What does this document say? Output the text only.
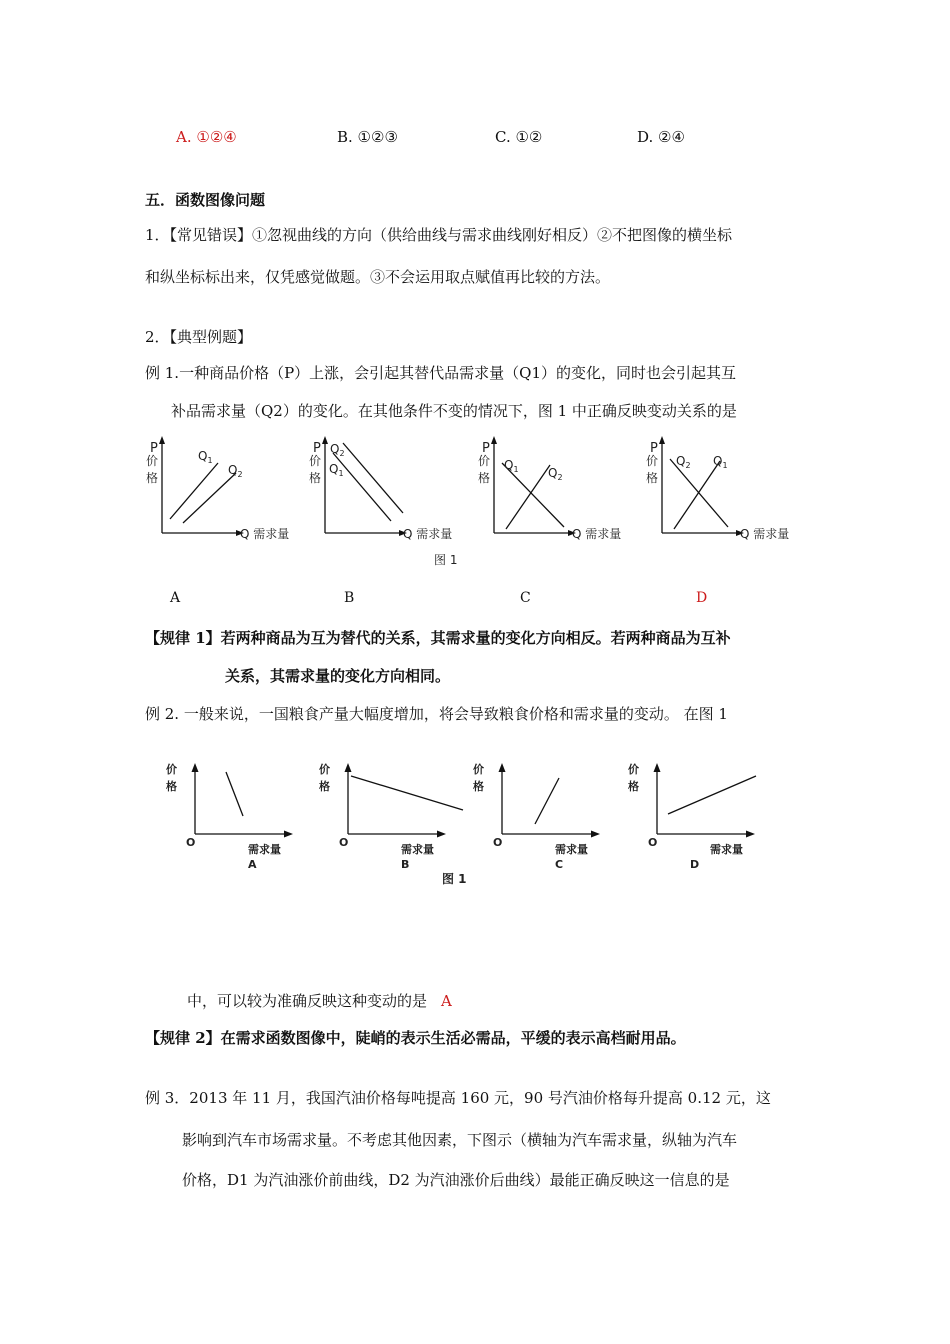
A. ①②④	B. ①②③	C. ①②	D. ②④
五．函数图像问题
1．【常见错误】①忽视曲线的方向（供给曲线与需求曲线刚好相反）②不把图像的横坐标
和纵坐标标出来，仅凭感觉做题。③不会运用取点赋值再比较的方法。
2．【典型例题】
例 1.一种商品价格（P）上涨，会引起其替代品需求量（Q1）的变化，同时也会引起其互
补品需求量（Q2）的变化。在其他条件不变的情况下，图 1 中正确反映变动关系的是
P
价
格
Q 需求量
$Q_1$
$Q_2$
P
价
格
Q 需求量
$Q_1$
$Q_2$	P
价
格
Q 需求量
$Q_1$ $Q_2$
P
价
格
Q 需求量
$Q_2$ $Q_1$
图 1
A	B	C	D
【规律 1】若两种商品为互为替代的关系，其需求量的变化方向相反。若两种商品为互补
关系，其需求量的变化方向相同。
例 2. 一般来说，一国粮食产量大幅度增加，将会导致粮食价格和需求量的变动。 在图 1
价
格
O
需求量
A
价
格
O
需求量
B
价
格
O
需求量
C
价
格
O
需求量
D
图 1
中，可以较为准确反映这种变动的是 A
【规律 2】在需求函数图像中，陡峭的表示生活必需品，平缓的表示高档耐用品。
例 3．2013 年 11 月，我国汽油价格每吨提高 160 元，90 号汽油价格每升提高 0.12 元，这
影响到汽车市场需求量。不考虑其他因素，下图示（横轴为汽车需求量，纵轴为汽车
价格，D1 为汽油涨价前曲线，D2 为汽油涨价后曲线）最能正确反映这一信息的是
